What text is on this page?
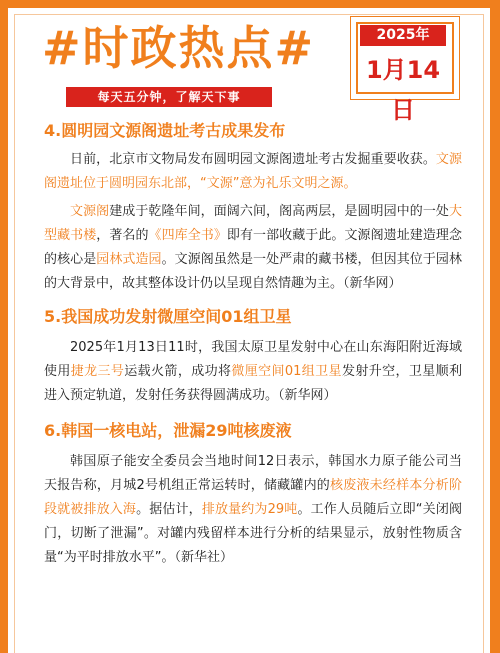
#时政热点#
每天五分钟，了解天下事
2025年
1月14日
4.圆明园文源阁遗址考古成果发布

日前，北京市文物局发布圆明园文源阁遗址考古发掘重要收获。文源阁遗址位于圆明园东北部，“文源”意为礼乐文明之源。

文源阁建成于乾隆年间，面阔六间，阁高两层，是圆明园中的一处大型藏书楼，著名的《四库全书》即有一部收藏于此。文源阁遗址建造理念的核心是园林式造园。文源阁虽然是一处严肃的藏书楼，但因其位于园林的大背景中，故其整体设计仍以呈现自然情趣为主。（新华网）

5.我国成功发射微厘空间01组卫星

2025年1月13日11时，我国太原卫星发射中心在山东海阳附近海域使用捷龙三号运载火箭，成功将微厘空间01组卫星发射升空，卫星顺利进入预定轨道，发射任务获得圆满成功。（新华网）

6.韩国一核电站，泄漏29吨核废液

韩国原子能安全委员会当地时间12日表示，韩国水力原子能公司当天报告称，月城2号机组正常运转时，储藏罐内的核废液未经样本分析阶段就被排放入海。据估计，排放量约为29吨。工作人员随后立即“关闭阀门，切断了泄漏”。对罐内残留样本进行分析的结果显示，放射性物质含量“为平时排放水平”。（新华社）
